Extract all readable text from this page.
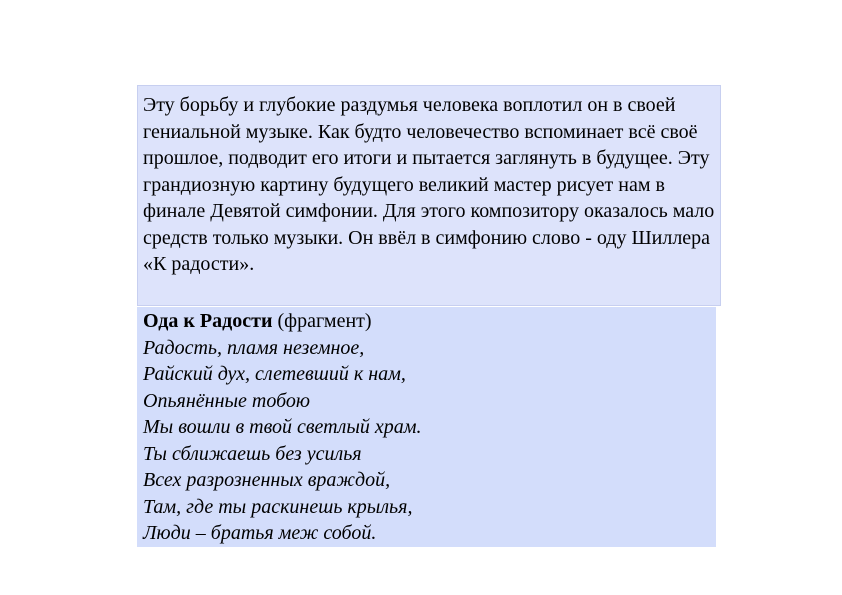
Эту борьбу и глубокие раздумья человека воплотил он в своей гениальной музыке. Как будто человечество вспоминает всё своё прошлое, подводит его итоги и пытается заглянуть в будущее. Эту грандиозную картину будущего великий мастер рисует нам в финале Девятой симфонии. Для этого композитору оказалось мало средств только музыки. Он ввёл в симфонию слово - оду Шиллера «К радости».
Ода к Радости (фрагмент)
Радость, пламя неземное,
Райский дух, слетевший к нам,
Опьянённые тобою
Мы вошли в твой светлый храм.
Ты сближаешь без усилья
Всех разрозненных враждой,
Там, где ты раскинешь крылья,
Люди – братья меж собой.
